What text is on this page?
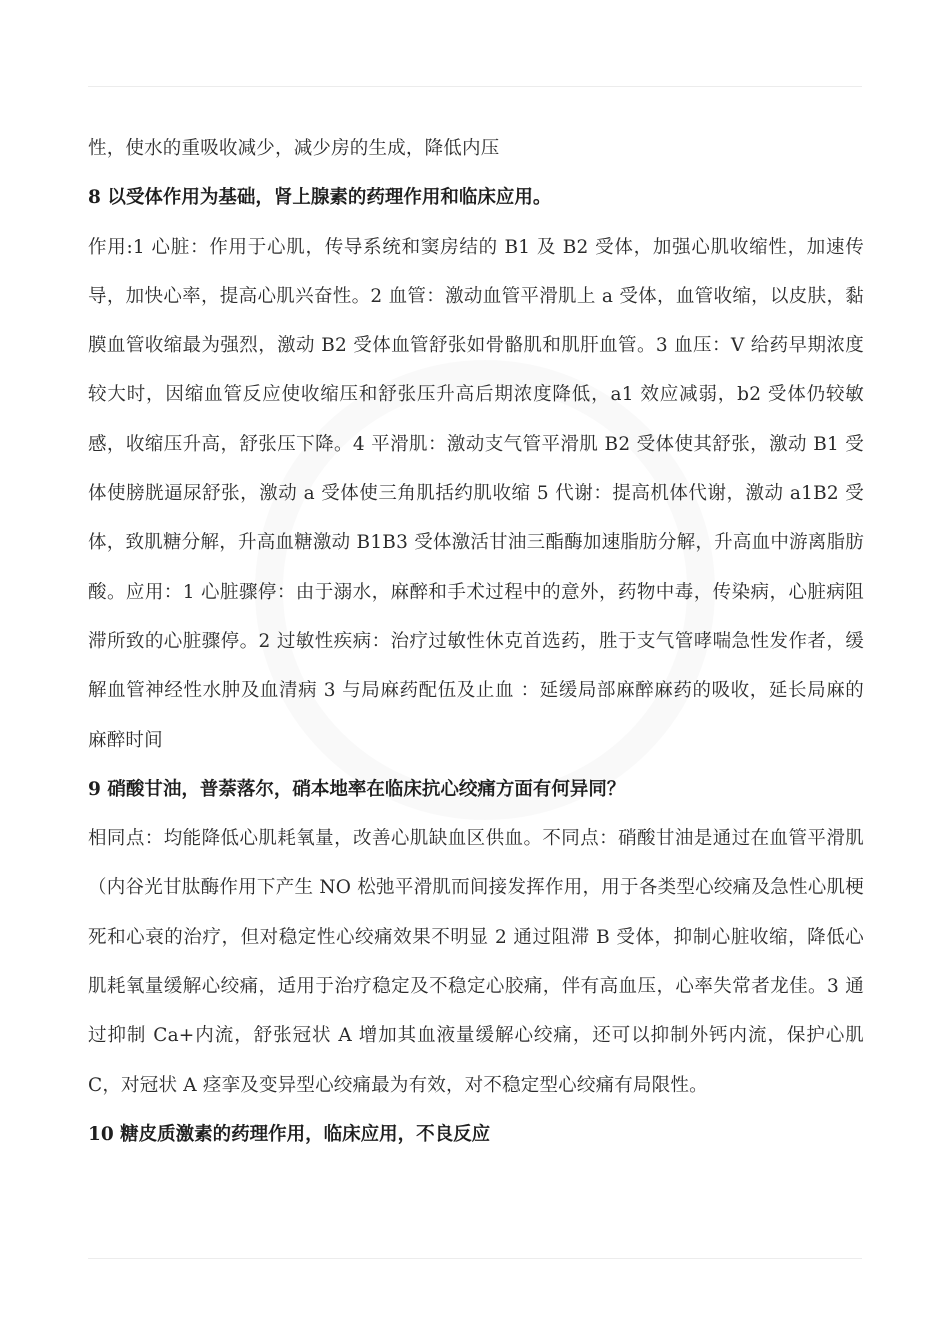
性，使水的重吸收减少，减少房的生成，降低内压

8 以受体作用为基础，肾上腺素的药理作用和临床应用。

作用:1 心脏：作用于心肌，传导系统和窦房结的 B1 及 B2 受体，加强心肌收缩性，加速传导，加快心率，提高心肌兴奋性。2 血管：激动血管平滑肌上 a 受体，血管收缩，以皮肤，黏膜血管收缩最为强烈，激动 B2 受体血管舒张如骨骼肌和肌肝血管。3 血压：V 给药早期浓度较大时，因缩血管反应使收缩压和舒张压升高后期浓度降低，a1 效应减弱，b2 受体仍较敏感，收缩压升高，舒张压下降。4 平滑肌：激动支气管平滑肌 B2 受体使其舒张，激动 B1 受体使膀胱逼尿舒张，激动 a 受体使三角肌括约肌收缩 5 代谢：提高机体代谢，激动 a1B2 受体，致肌糖分解，升高血糖激动 B1B3 受体激活甘油三酯酶加速脂肪分解，升高血中游离脂肪酸。应用：1 心脏骤停：由于溺水，麻醉和手术过程中的意外，药物中毒，传染病，心脏病阻滞所致的心脏骤停。2 过敏性疾病：治疗过敏性休克首选药，胜于支气管哮喘急性发作者，缓解血管神经性水肿及血清病 3 与局麻药配伍及止血 ：延缓局部麻醉麻药的吸收，延长局麻的麻醉时间

9 硝酸甘油，普萘落尔，硝本地率在临床抗心绞痛方面有何异同？

相同点：均能降低心肌耗氧量，改善心肌缺血区供血。不同点：硝酸甘油是通过在血管平滑肌（内谷光甘肽酶作用下产生 NO 松弛平滑肌而间接发挥作用，用于各类型心绞痛及急性心肌梗死和心衰的治疗，但对稳定性心绞痛效果不明显 2 通过阻滞 B 受体，抑制心脏收缩，降低心肌耗氧量缓解心绞痛，适用于治疗稳定及不稳定心胶痛，伴有高血压，心率失常者龙佳。3 通过抑制 Ca+内流，舒张冠状 A 增加其血液量缓解心绞痛，还可以抑制外钙内流，保护心肌 C，对冠状 A 痉挛及变异型心绞痛最为有效，对不稳定型心绞痛有局限性。

10 糖皮质激素的药理作用，临床应用，不良反应
